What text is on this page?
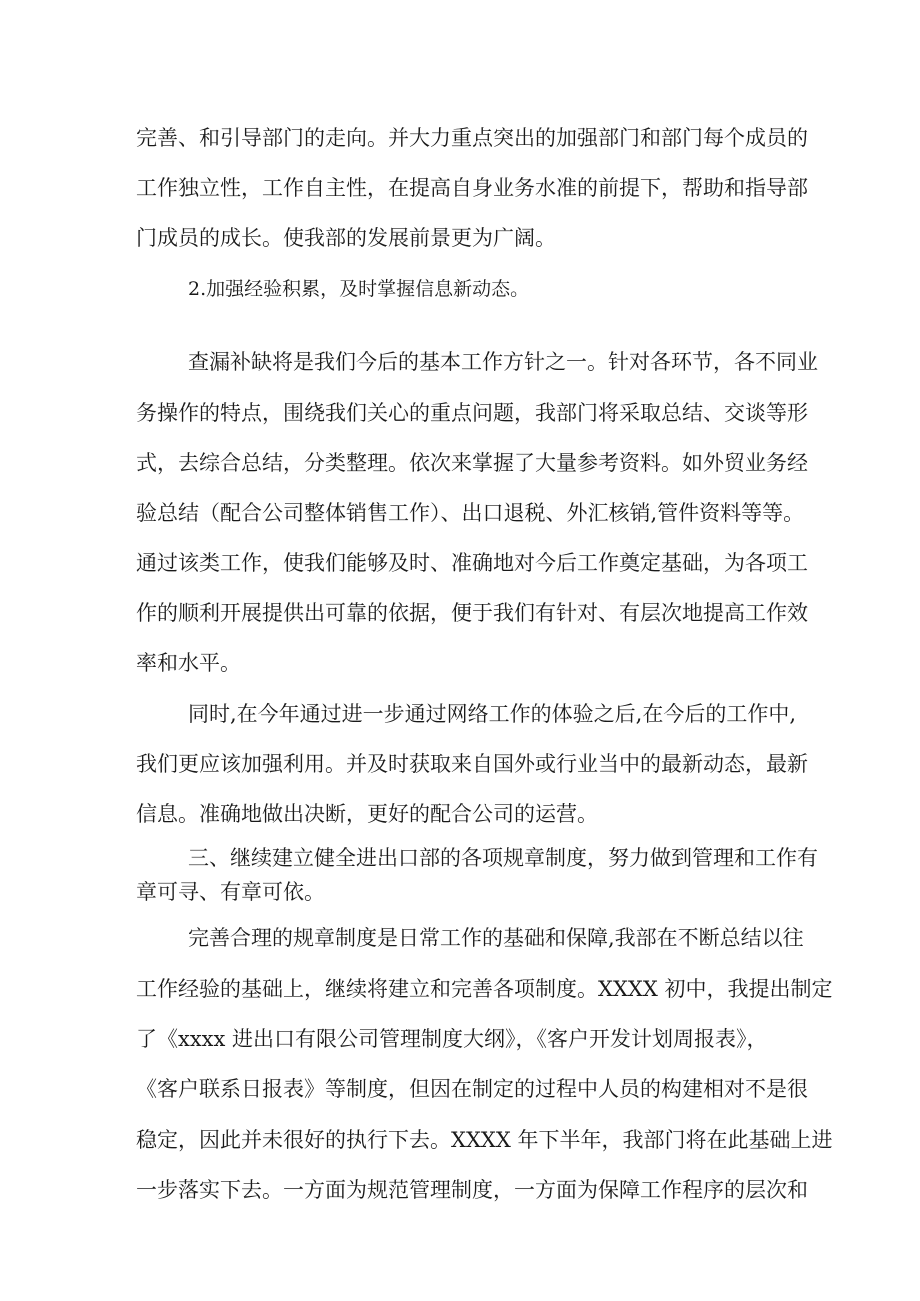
完善、和引导部门的走向。并大力重点突出的加强部门和部门每个成员的
工作独立性，工作自主性，在提高自身业务水准的前提下，帮助和指导部
门成员的成长。使我部的发展前景更为广阔。
2.加强经验积累，及时掌握信息新动态。
查漏补缺将是我们今后的基本工作方针之一。针对各环节，各不同业
务操作的特点，围绕我们关心的重点问题，我部门将采取总结、交谈等形
式，去综合总结，分类整理。依次来掌握了大量参考资料。如外贸业务经
验总结（配合公司整体销售工作）、出口退税、外汇核销,管件资料等等。
通过该类工作，使我们能够及时、准确地对今后工作奠定基础，为各项工
作的顺利开展提供出可靠的依据，便于我们有针对、有层次地提高工作效
率和水平。
同时,在今年通过进一步通过网络工作的体验之后,在今后的工作中,
我们更应该加强利用。并及时获取来自国外或行业当中的最新动态，最新
信息。准确地做出决断，更好的配合公司的运营。
三、继续建立健全进出口部的各项规章制度，努力做到管理和工作有
章可寻、有章可依。
完善合理的规章制度是日常工作的基础和保障,我部在不断总结以往
工作经验的基础上，继续将建立和完善各项制度。XXXX 初中，我提出制定
了《xxxx 进出口有限公司管理制度大纲》，《客户开发计划周报表》，
《客户联系日报表》等制度，但因在制定的过程中人员的构建相对不是很
稳定，因此并未很好的执行下去。XXXX 年下半年，我部门将在此基础上进
一步落实下去。一方面为规范管理制度，一方面为保障工作程序的层次和
